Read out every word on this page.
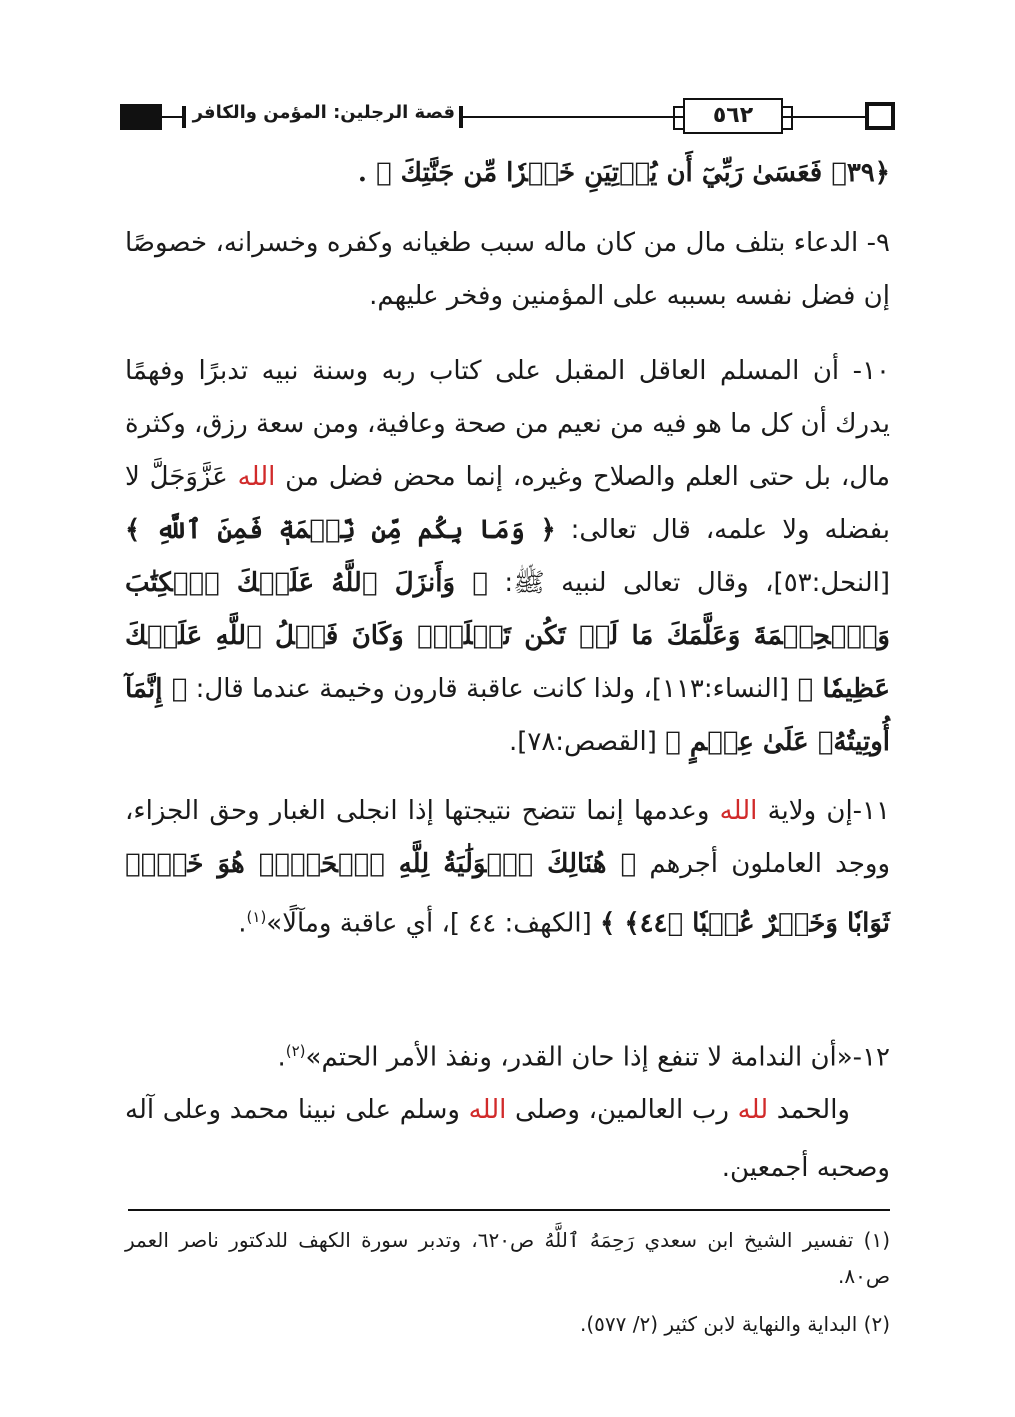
٥٦٢
قصة الرجلين: المؤمن والكافر
﴿٣٩﴾ فَعَسَىٰ رَبِّيٓ أَن يُؤۡتِيَنِ خَيۡرٗا مِّن جَنَّتِكَ ﴾ .
٩- الدعاء بتلف مال من كان ماله سبب طغيانه وكفره وخسرانه، خصوصًا إن فضل نفسه بسببه على المؤمنين وفخر عليهم.
١٠- أن المسلم العاقل المقبل على كتاب ربه وسنة نبيه تدبرًا وفهمًا يدرك أن كل ما هو فيه من نعيم من صحة وعافية، ومن سعة رزق، وكثرة مال، بل حتى العلم والصلاح وغيره، إنما محض فضل من الله عَزَّوَجَلَّ لا بفضله ولا علمه، قال تعالى: ﴿ وَمَا بِكُم مِّن نِّعۡمَةٖ فَمِنَ ٱللَّهِ ﴾ [النحل:٥٣]، وقال تعالى لنبيه ﷺ: ﴿ وَأَنزَلَ ٱللَّهُ عَلَيۡكَ ٱلۡكِتَٰبَ وَٱلۡحِكۡمَةَ وَعَلَّمَكَ مَا لَمۡ تَكُن تَعۡلَمُۚ وَكَانَ فَضۡلُ ٱللَّهِ عَلَيۡكَ عَظِيمٗا ﴾ [النساء:١١٣]، ولذا كانت عاقبة قارون وخيمة عندما قال: ﴿ إِنَّمَآ أُوتِيتُهُۥ عَلَىٰ عِلۡمٍ ﴾ [القصص:٧٨].
١١-إن ولاية الله وعدمها إنما تتضح نتيجتها إذا انجلى الغبار وحق الجزاء، ووجد العاملون أجرهم ﴿ هُنَالِكَ ٱلۡوَلَٰيَةُ لِلَّهِ ٱلۡحَقِّۚ هُوَ خَيۡرٞ ثَوَابٗا وَخَيۡرٌ عُقۡبٗا ﴿٤٤﴾ ﴾ [الكهف: ٤٤ ]، أي عاقبة ومآلًا»$^{(١)}$.
١٢-«أن الندامة لا تنفع إذا حان القدر، ونفذ الأمر الحتم»$^{(٢)}$.
والحمد لله رب العالمين، وصلى الله وسلم على نبينا محمد وعلى آله وصحبه أجمعين.
(١) تفسير الشيخ ابن سعدي رَحِمَهُ ٱللَّهُ ص٦٢٠، وتدبر سورة الكهف للدكتور ناصر العمر ص٨٠.
(٢) البداية والنهاية لابن كثير (٢/ ٥٧٧).
